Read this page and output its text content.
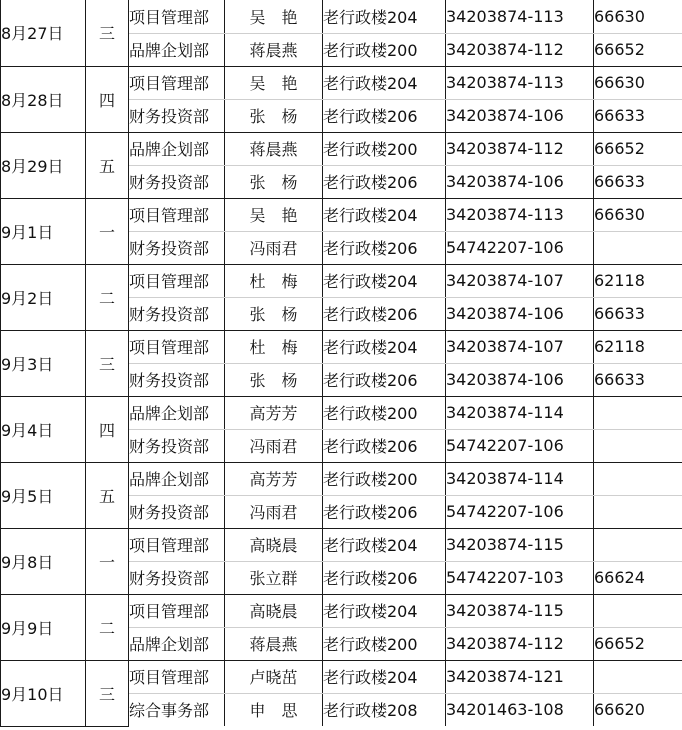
8月27日	三	项目管理部	吴　艳	老行政楼204	34203874-113	66630
		品牌企划部	蒋晨燕	老行政楼200	34203874-112	66652
8月28日	四	项目管理部	吴　艳	老行政楼204	34203874-113	66630
		财务投资部	张　杨	老行政楼206	34203874-106	66633
8月29日	五	品牌企划部	蒋晨燕	老行政楼200	34203874-112	66652
		财务投资部	张　杨	老行政楼206	34203874-106	66633
9月1日	一	项目管理部	吴　艳	老行政楼204	34203874-113	66630
		财务投资部	冯雨君	老行政楼206	54742207-106	
9月2日	二	项目管理部	杜　梅	老行政楼204	34203874-107	62118
		财务投资部	张　杨	老行政楼206	34203874-106	66633
9月3日	三	项目管理部	杜　梅	老行政楼204	34203874-107	62118
		财务投资部	张　杨	老行政楼206	34203874-106	66633
9月4日	四	品牌企划部	高芳芳	老行政楼200	34203874-114	
		财务投资部	冯雨君	老行政楼206	54742207-106	
9月5日	五	品牌企划部	高芳芳	老行政楼200	34203874-114	
		财务投资部	冯雨君	老行政楼206	54742207-106	
9月8日	一	项目管理部	高晓晨	老行政楼204	34203874-115	
		财务投资部	张立群	老行政楼206	54742207-103	66624
9月9日	二	项目管理部	高晓晨	老行政楼204	34203874-115	
		品牌企划部	蒋晨燕	老行政楼200	34203874-112	66652
9月10日	三	项目管理部	卢晓茁	老行政楼204	34203874-121	
		综合事务部	申　思	老行政楼208	34201463-108	66620
